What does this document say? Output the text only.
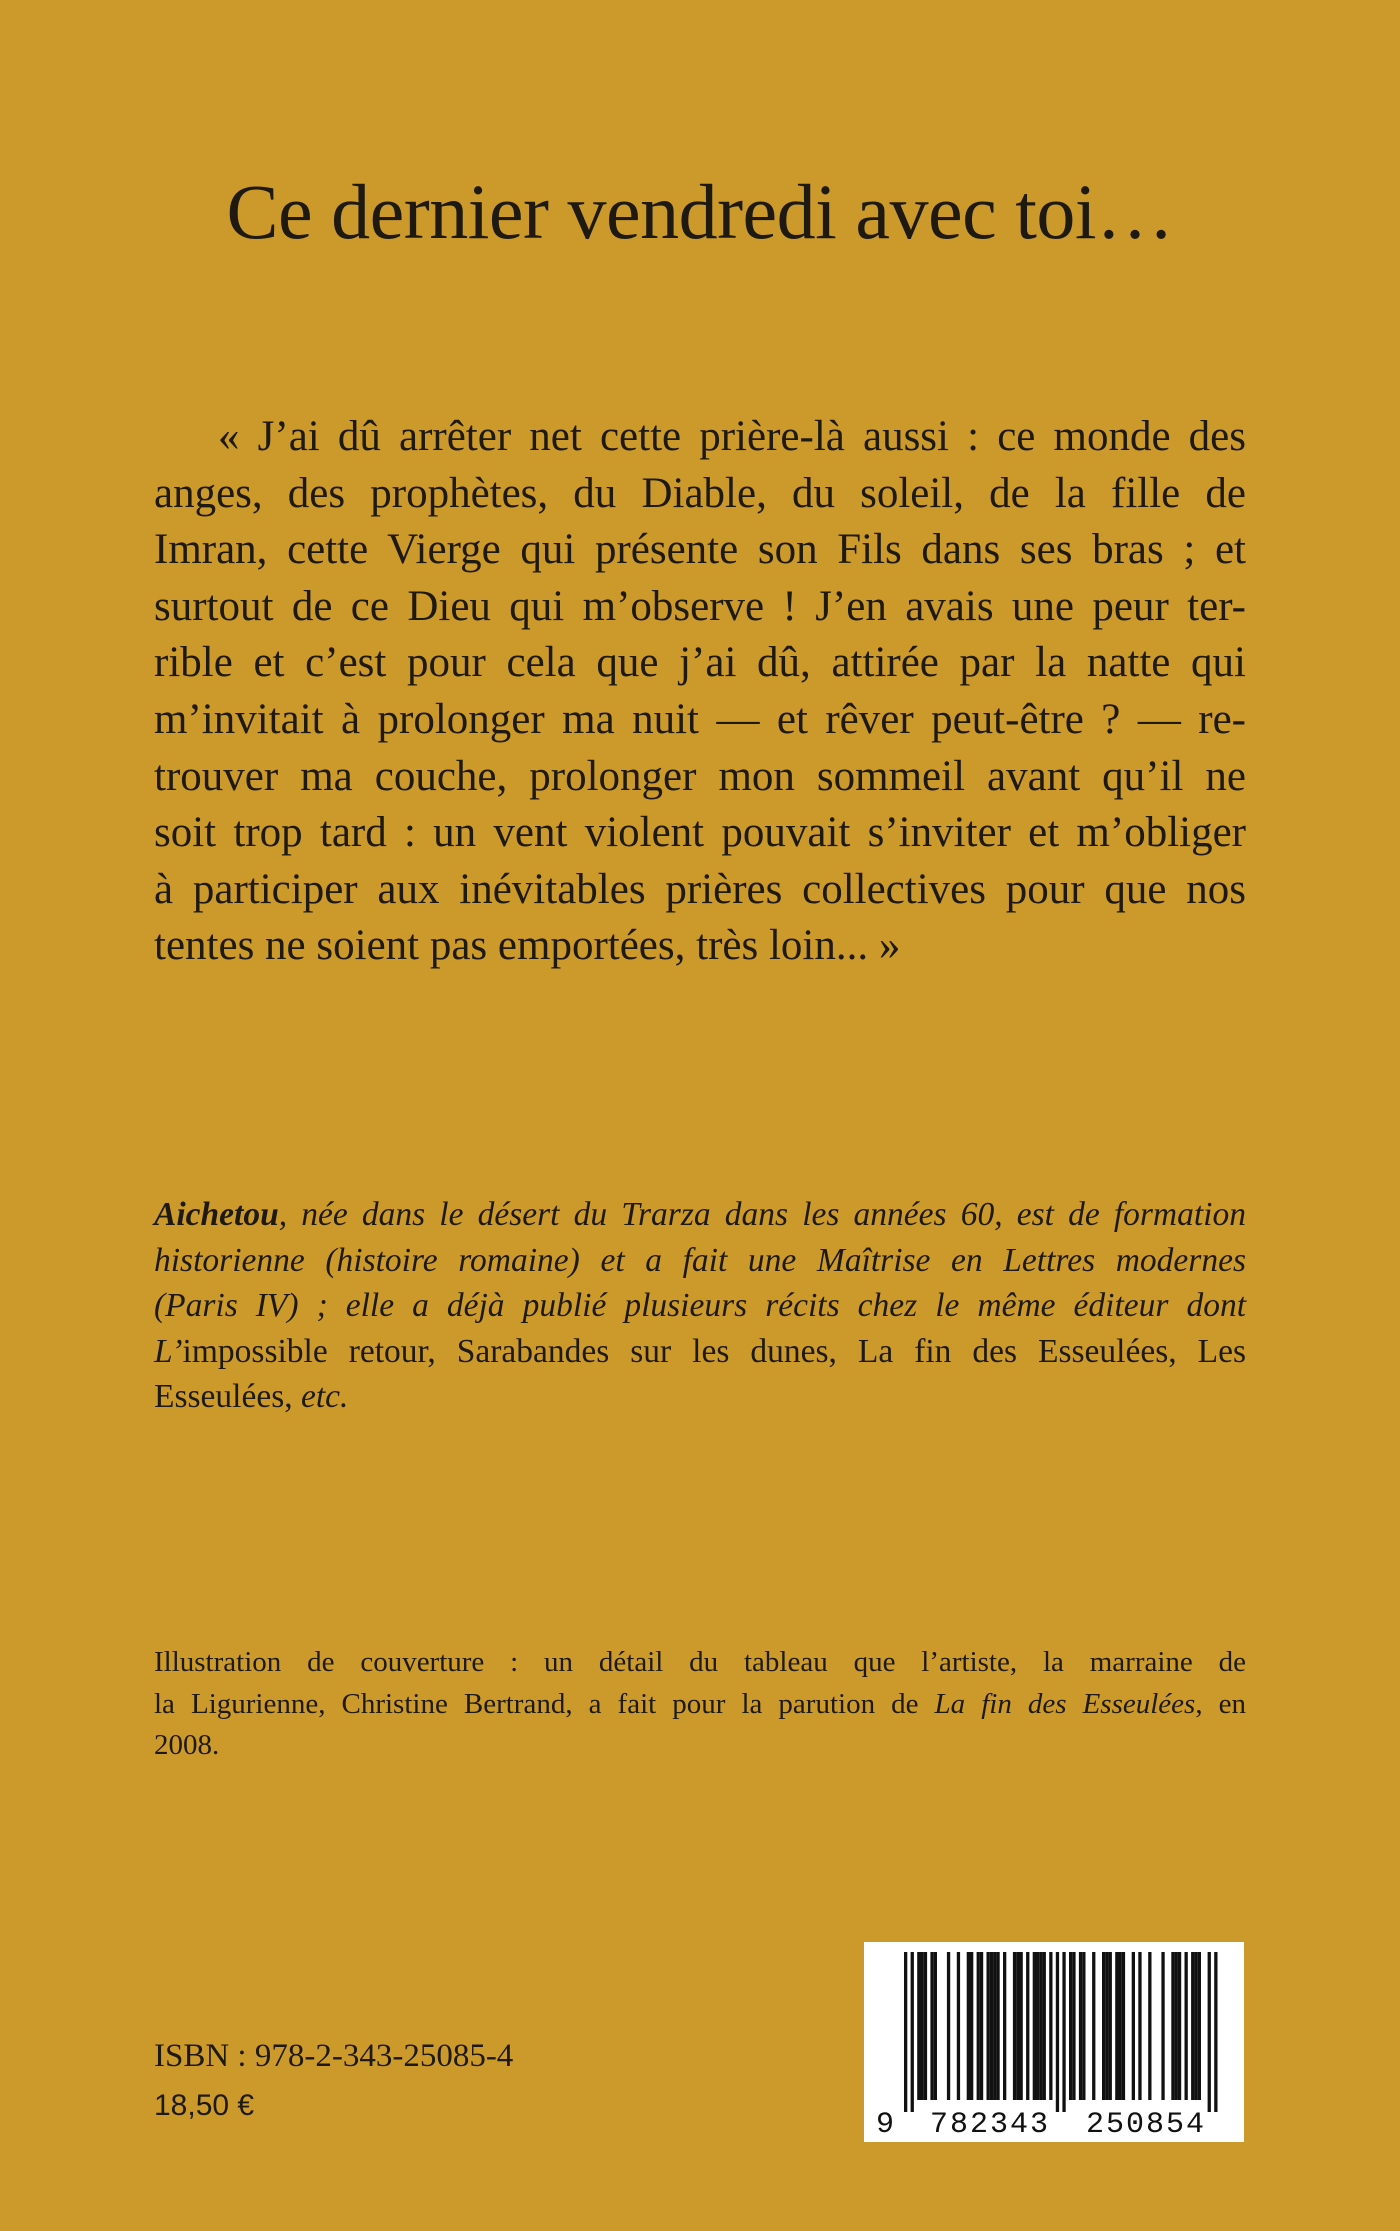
Ce dernier vendredi avec toi…
« J’ai dû arrêter net cette prière-là aussi : ce monde des
anges, des prophètes, du Diable, du soleil, de la fille de
Imran, cette Vierge qui présente son Fils dans ses bras ; et
surtout de ce Dieu qui m’observe ! J’en avais une peur ter-
rible et c’est pour cela que j’ai dû, attirée par la natte qui
m’invitait à prolonger ma nuit — et rêver peut-être ? — re-
trouver ma couche, prolonger mon sommeil avant qu’il ne
soit trop tard : un vent violent pouvait s’inviter et m’obliger
à participer aux inévitables prières collectives pour que nos
tentes ne soient pas emportées, très loin... »
Aichetou, née dans le désert du Trarza dans les années 60, est de formation
historienne (histoire romaine) et a fait une Maîtrise en Lettres modernes
(Paris IV) ; elle a déjà publié plusieurs récits chez le même éditeur dont
L’impossible retour, Sarabandes sur les dunes, La fin des Esseulées, Les
Esseulées, etc.
Illustration de couverture : un détail du tableau que l’artiste, la marraine de
la Ligurienne, Christine Bertrand, a fait pour la parution de La fin des Esseulées, en
2008.
ISBN : 978-2-343-25085-4
18,50 €
9 782343 250854
